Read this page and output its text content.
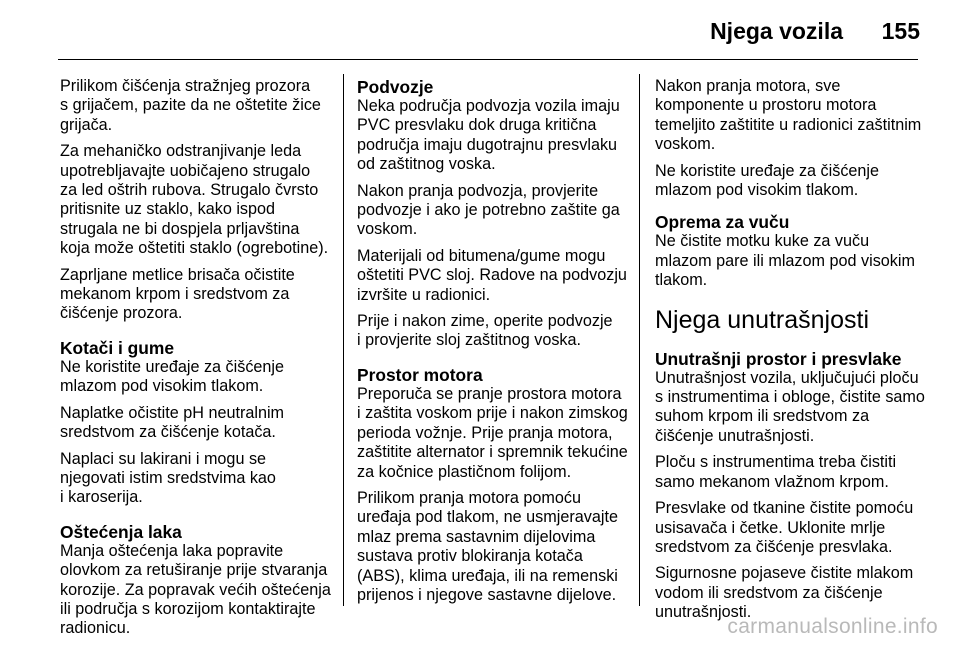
Njega vozila 155

Prilikom čišćenja stražnjeg prozora
s grijačem, pazite da ne oštetite žice
grijača.

Za mehaničko odstranjivanje leda
upotrebljavajte uobičajeno strugalo
za led oštrih rubova. Strugalo čvrsto
pritisnite uz staklo, kako ispod
strugala ne bi dospjela prljavština
koja može oštetiti staklo (ogrebotine).

Zaprljane metlice brisača očistite
mekanom krpom i sredstvom za
čišćenje prozora.

Kotači i gume

Ne koristite uređaje za čišćenje
mlazom pod visokim tlakom.

Naplatke očistite pH neutralnim
sredstvom za čišćenje kotača.

Naplaci su lakirani i mogu se
njegovati istim sredstvima kao
i karoserija.

Oštećenja laka

Manja oštećenja laka popravite
olovkom za retuširanje prije stvaranja
korozije. Za popravak većih oštećenja
ili područja s korozijom kontaktirajte
radionicu.

Podvozje

Neka područja podvozja vozila imaju
PVC presvlaku dok druga kritična
područja imaju dugotrajnu presvlaku
od zaštitnog voska.

Nakon pranja podvozja, provjerite
podvozje i ako je potrebno zaštite ga
voskom.

Materijali od bitumena/gume mogu
oštetiti PVC sloj. Radove na podvozju
izvršite u radionici.

Prije i nakon zime, operite podvozje
i provjerite sloj zaštitnog voska.

Prostor motora

Preporuča se pranje prostora motora
i zaštita voskom prije i nakon zimskog
perioda vožnje. Prije pranja motora,
zaštitite alternator i spremnik tekućine
za kočnice plastičnom folijom.

Prilikom pranja motora pomoću
uređaja pod tlakom, ne usmjeravajte
mlaz prema sastavnim dijelovima
sustava protiv blokiranja kotača
(ABS), klima uređaja, ili na remenski
prijenos i njegove sastavne dijelove.

Nakon pranja motora, sve
komponente u prostoru motora
temeljito zaštitite u radionici zaštitnim
voskom.

Ne koristite uređaje za čišćenje
mlazom pod visokim tlakom.

Oprema za vuču

Ne čistite motku kuke za vuču
mlazom pare ili mlazom pod visokim
tlakom.

Njega unutrašnjosti
Unutrašnji prostor i presvlake

Unutrašnjost vozila, uključujući ploču
s instrumentima i obloge, čistite samo
suhom krpom ili sredstvom za
čišćenje unutrašnjosti.

Ploču s instrumentima treba čistiti
samo mekanom vlažnom krpom.

Presvlake od tkanine čistite pomoću
usisavača i četke. Uklonite mrlje
sredstvom za čišćenje presvlaka.

Sigurnosne pojaseve čistite mlakom
vodom ili sredstvom za čišćenje
unutrašnjosti.

carmanualsonline.info
